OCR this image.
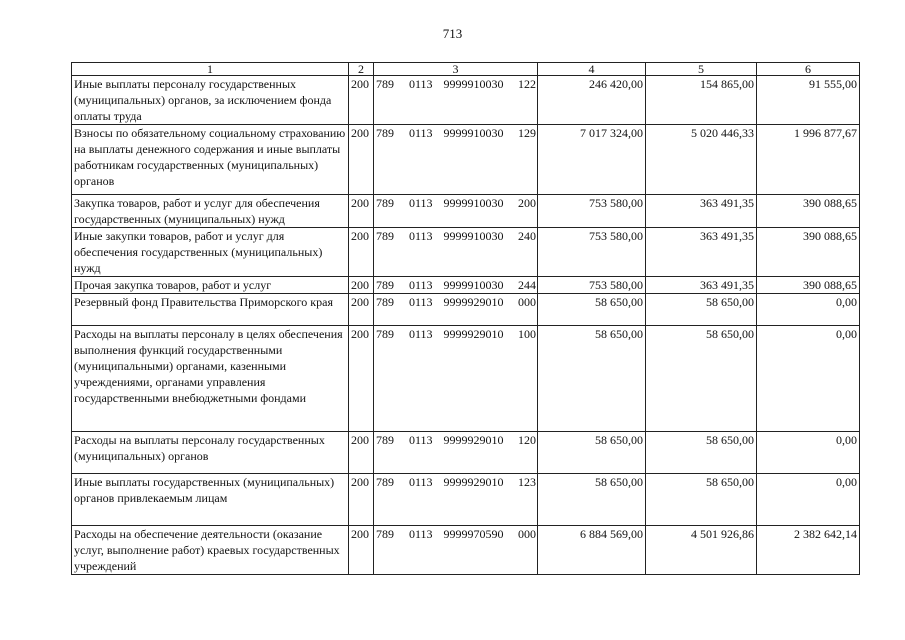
713
1	2	3	4	5	6
Иные выплаты персоналу государственных (муниципальных) органов, за исключением фонда оплаты труда	200	789 0113 9999910030 122	246 420,00	154 865,00	91 555,00
Взносы по обязательному социальному страхованию на выплаты денежного содержания и иные выплаты работникам государственных (муниципальных) органов	200	789 0113 9999910030 129	7 017 324,00	5 020 446,33	1 996 877,67
Закупка товаров, работ и услуг для обеспечения государственных (муниципальных) нужд	200	789 0113 9999910030 200	753 580,00	363 491,35	390 088,65
Иные закупки товаров, работ и услуг для обеспечения государственных (муниципальных) нужд	200	789 0113 9999910030 240	753 580,00	363 491,35	390 088,65
Прочая закупка товаров, работ и услуг	200	789 0113 9999910030 244	753 580,00	363 491,35	390 088,65
Резервный фонд Правительства Приморского края	200	789 0113 9999929010 000	58 650,00	58 650,00	0,00
Расходы на выплаты персоналу в целях обеспечения выполнения функций государственными (муниципальными) органами, казенными учреждениями, органами управления государственными внебюджетными фондами	200	789 0113 9999929010 100	58 650,00	58 650,00	0,00
Расходы на выплаты персоналу государственных (муниципальных) органов	200	789 0113 9999929010 120	58 650,00	58 650,00	0,00
Иные выплаты государственных (муниципальных) органов привлекаемым лицам	200	789 0113 9999929010 123	58 650,00	58 650,00	0,00
Расходы на обеспечение деятельности (оказание услуг, выполнение работ) краевых государственных учреждений	200	789 0113 9999970590 000	6 884 569,00	4 501 926,86	2 382 642,14
